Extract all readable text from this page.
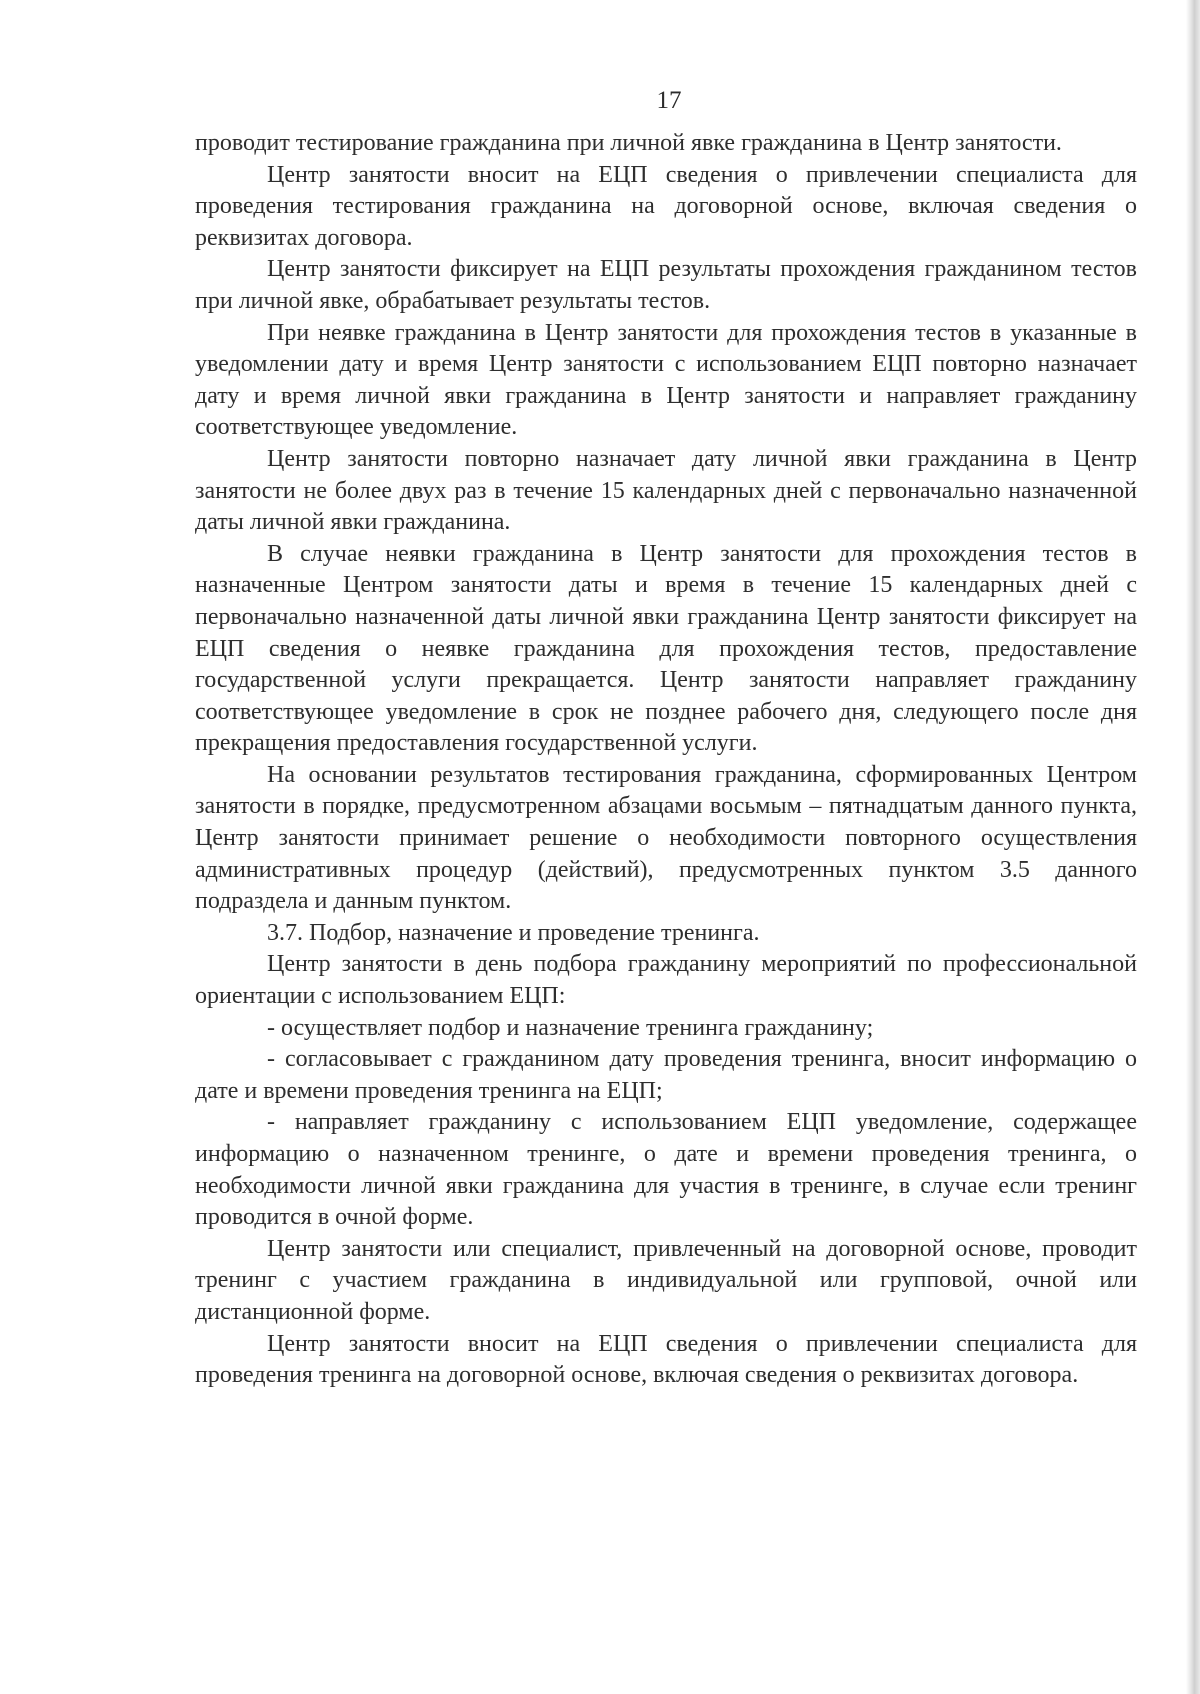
17

проводит тестирование гражданина при личной явке гражданина в Центр занятости.

Центр занятости вносит на ЕЦП сведения о привлечении специалиста для проведения тестирования гражданина на договорной основе, включая сведения о реквизитах договора.

Центр занятости фиксирует на ЕЦП результаты прохождения гражданином тестов при личной явке, обрабатывает результаты тестов.

При неявке гражданина в Центр занятости для прохождения тестов в указанные в уведомлении дату и время Центр занятости с использованием ЕЦП повторно назначает дату и время личной явки гражданина в Центр занятости и направляет гражданину соответствующее уведомление.

Центр занятости повторно назначает дату личной явки гражданина в Центр занятости не более двух раз в течение 15 календарных дней с первоначально назначенной даты личной явки гражданина.

В случае неявки гражданина в Центр занятости для прохождения тестов в назначенные Центром занятости даты и время в течение 15 календарных дней с первоначально назначенной даты личной явки гражданина Центр занятости фиксирует на ЕЦП сведения о неявке гражданина для прохождения тестов, предоставление государственной услуги прекращается. Центр занятости направляет гражданину соответствующее уведомление в срок не позднее рабочего дня, следующего после дня прекращения предоставления государственной услуги.

На основании результатов тестирования гражданина, сформированных Центром занятости в порядке, предусмотренном абзацами восьмым – пятнадцатым данного пункта, Центр занятости принимает решение о необходимости повторного осуществления административных процедур (действий), предусмотренных пунктом 3.5 данного подраздела и данным пунктом.

3.7. Подбор, назначение и проведение тренинга.

Центр занятости в день подбора гражданину мероприятий по профессиональной ориентации с использованием ЕЦП:

- осуществляет подбор и назначение тренинга гражданину;

- согласовывает с гражданином дату проведения тренинга, вносит информацию о дате и времени проведения тренинга на ЕЦП;

- направляет гражданину с использованием ЕЦП уведомление, содержащее информацию о назначенном тренинге, о дате и времени проведения тренинга, о необходимости личной явки гражданина для участия в тренинге, в случае если тренинг проводится в очной форме.

Центр занятости или специалист, привлеченный на договорной основе, проводит тренинг с участием гражданина в индивидуальной или групповой, очной или дистанционной форме.

Центр занятости вносит на ЕЦП сведения о привлечении специалиста для проведения тренинга на договорной основе, включая сведения о реквизитах договора.
